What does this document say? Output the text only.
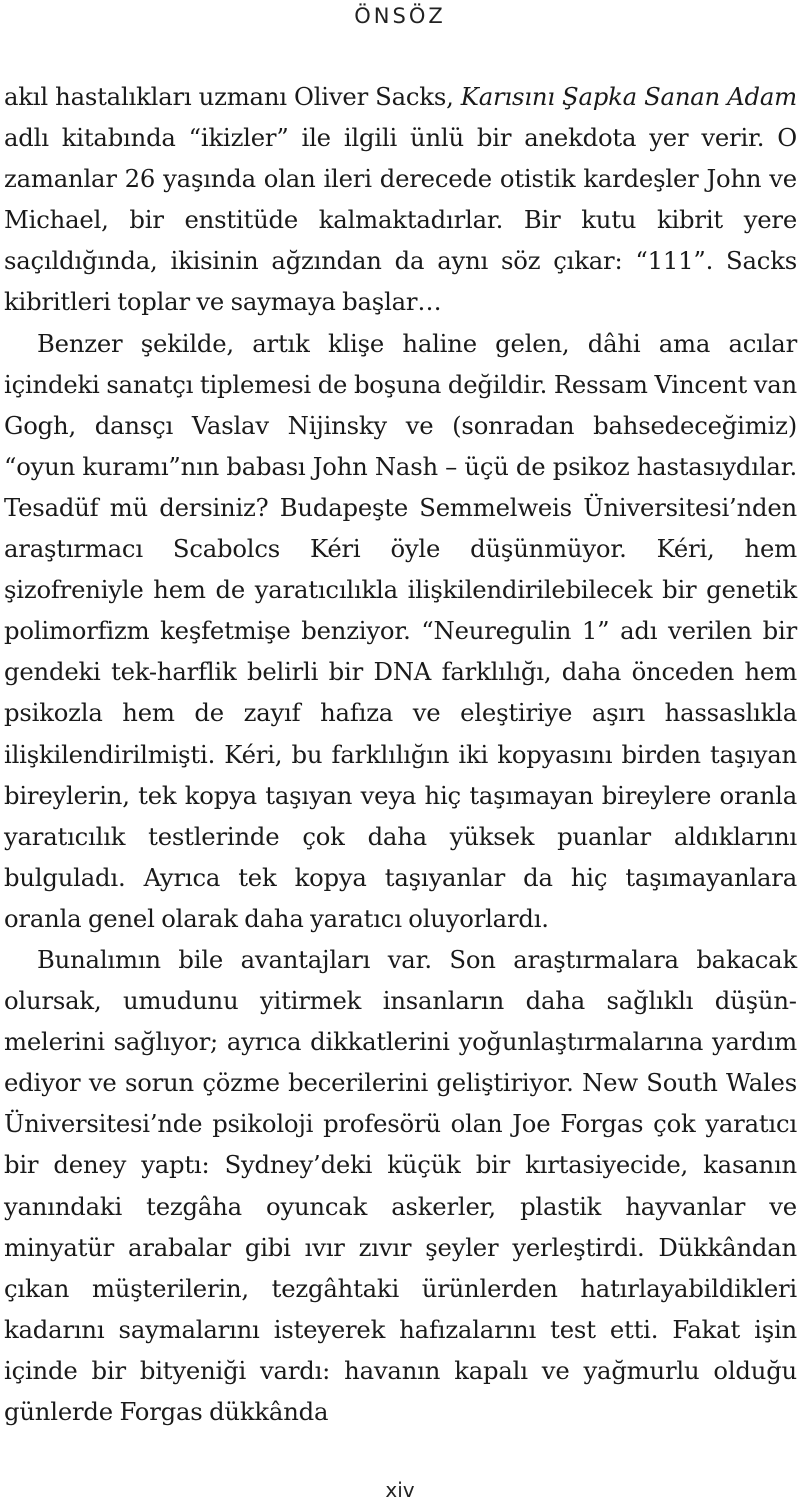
ÖNSÖZ

akıl hastalıkları uzmanı Oliver Sacks, Karısını Şapka Sanan Adam adlı kitabında “ikizler” ile ilgili ünlü bir anekdota yer verir. O zamanlar 26 yaşında olan ileri derecede otistik kardeşler John ve Michael, bir enstitüde kalmaktadırlar. Bir kutu kibrit yere saçıldığında, ikisinin ağzından da aynı söz çıkar: “111”. Sacks kibritleri toplar ve saymaya başlar…

Benzer şekilde, artık klişe haline gelen, dâhi ama acılar içindeki sanatçı tiplemesi de boşuna değildir. Ressam Vincent van Gogh, dansçı Vaslav Nijinsky ve (sonradan bahsedeceğimiz) “oyun kuramı”nın babası John Nash – üçü de psikoz hastasıydılar. Tesadüf mü dersiniz? Budapeşte Semmelweis Üniversitesi’nden araştırmacı Scabolcs Kéri öyle düşünmüyor. Kéri, hem şizofreniyle hem de yaratıcılıkla ilişkilendirilebilecek bir genetik polimorfizm keşfetmişe benziyor. “Neuregulin 1” adı verilen bir gendeki tek-harflik belirli bir DNA farklılığı, daha önceden hem psikozla hem de zayıf hafıza ve eleştiriye aşırı hassaslıkla ilişkilendirilmişti. Kéri, bu farklılığın iki kopyasını birden taşıyan bireylerin, tek kopya taşıyan veya hiç taşımayan bireylere oranla yaratıcılık testlerinde çok daha yüksek puanlar aldıklarını bulguladı. Ayrıca tek kopya taşıyanlar da hiç taşımayanlara oranla genel olarak daha yaratıcı oluyorlardı.

Bunalımın bile avantajları var. Son araştırmalara bakacak olursak, umudunu yitirmek insanların daha sağlıklı düşünmelerini sağlıyor; ayrıca dikkatlerini yoğunlaştırmalarına yardım ediyor ve sorun çözme becerilerini geliştiriyor. New South Wales Üniversitesi’nde psikoloji profesörü olan Joe Forgas çok yaratıcı bir deney yaptı: Sydney’deki küçük bir kırtasiyecide, kasanın yanındaki tezgâha oyuncak askerler, plastik hayvanlar ve minyatür arabalar gibi ıvır zıvır şeyler yerleştirdi. Dükkândan çıkan müşterilerin, tezgâhtaki ürünlerden hatırlayabildikleri kadarını saymalarını isteyerek hafızalarını test etti. Fakat işin içinde bir bityeniği vardı: havanın kapalı ve yağmurlu olduğu günlerde Forgas dükkânda

xiv
